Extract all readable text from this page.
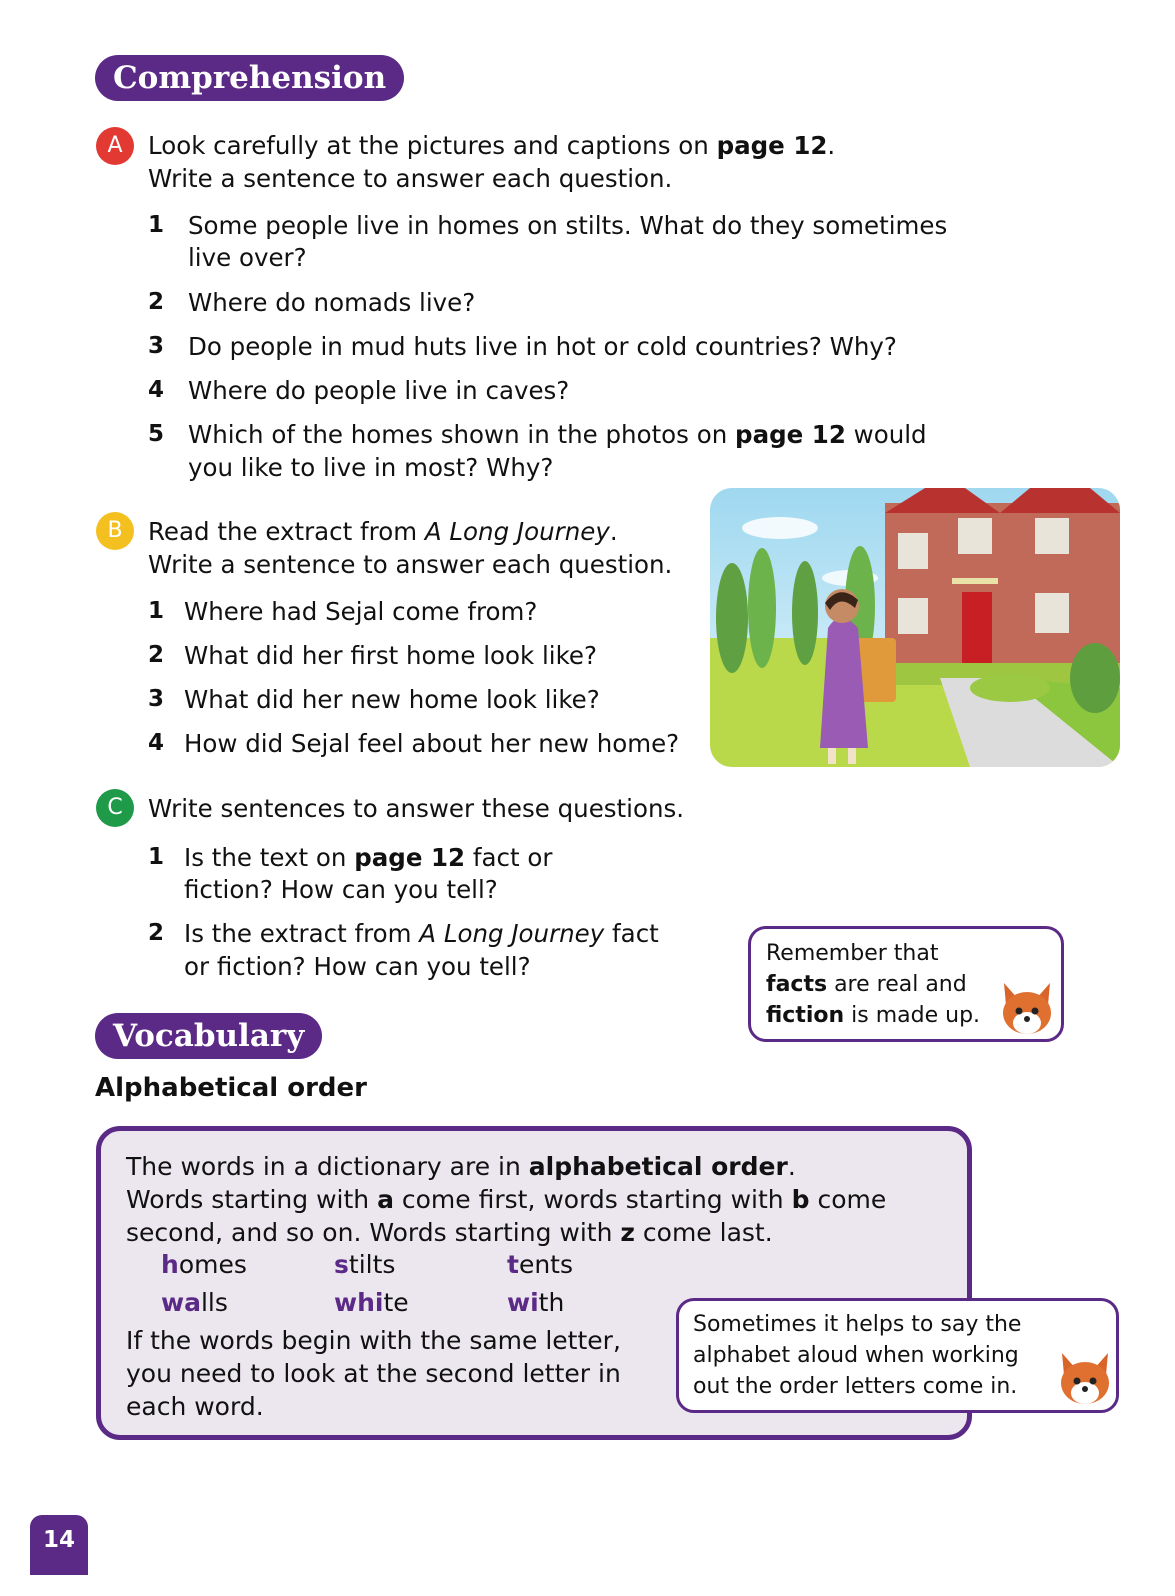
Comprehension
A	Look carefully at the pictures and captions on page 12.
Write a sentence to answer each question.
1 Some people live in homes on stilts. What do they sometimes
live over?
2 Where do nomads live?
3 Do people in mud huts live in hot or cold countries? Why?
4 Where do people live in caves?
5 Which of the homes shown in the photos on page 12 would
you like to live in most? Why?
B	Read the extract from A Long Journey.
Write a sentence to answer each question.
1 Where had Sejal come from?
2 What did her first home look like?
3 What did her new home look like?
4 How did Sejal feel about her new home?
C	Write sentences to answer these questions.
1 Is the text on page 12 fact or
fiction? How can you tell?
2 Is the extract from A Long Journey fact
or fiction? How can you tell?	Remember that
facts are real and
fiction is made up.
Vocabulary
Alphabetical order
The words in a dictionary are in alphabetical order.
Words starting with a come first, words starting with b come
second, and so on. Words starting with z come last.
homes	stilts	tents
walls	white	with
If the words begin with the same letter,
you need to look at the second letter in
each word.
Sometimes it helps to say the
alphabet aloud when working
out the order letters come in.
14
